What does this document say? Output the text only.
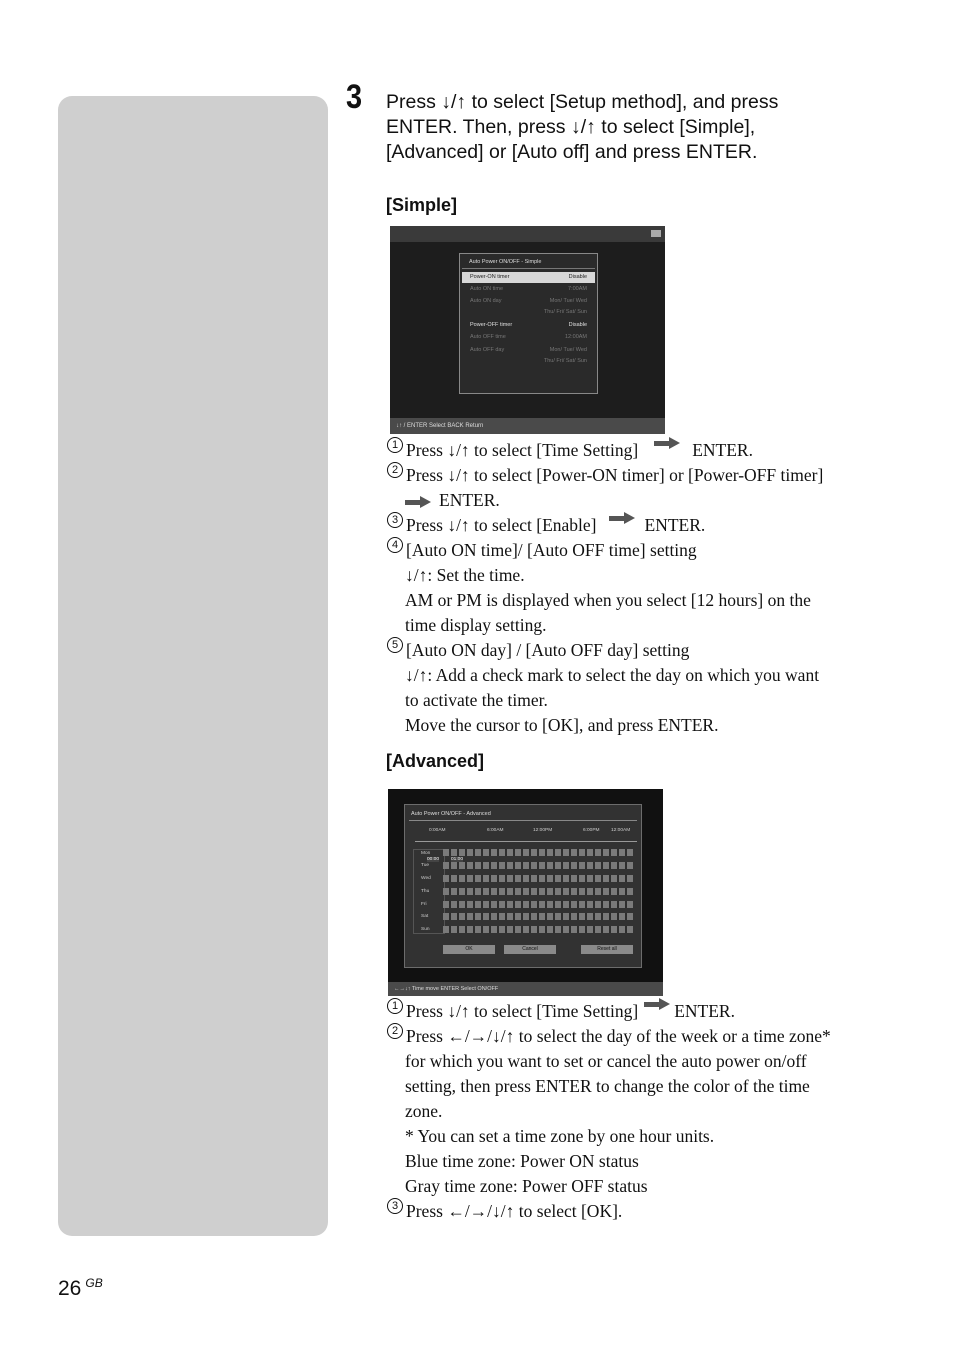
3 Press ↓/↑ to select [Setup method], and press
ENTER. Then, press ↓/↑ to select [Simple],
[Advanced] or [Auto off] and press ENTER.
[Simple]
Auto Power ON/OFF - Simple
Power-ON timer	Disable
Auto ON time	7:00AM
Auto ON day	Mon/ Tue/ Wed
Thu/ Fri/ Sat/ Sun
Power-OFF timer	Disable
Auto OFF time	12:00AM
Auto OFF day	Mon/ Tue/ Wed
Thu/ Fri/ Sat/ Sun
↓↑ / ENTER Select BACK Return
1 Press ↓/↑ to select [Time Setting]	ENTER.
2 Press ↓/↑ to select [Power-ON timer] or [Power-OFF timer]
ENTER.
3 Press ↓/↑ to select [Enable]	ENTER.
4 [Auto ON time]/ [Auto OFF time] setting
↓/↑: Set the time.
AM or PM is displayed when you select [12 hours] on the
time display setting.
5 [Auto ON day] / [Auto OFF day] setting
↓/↑: Add a check mark to select the day on which you want
to activate the timer.
Move the cursor to [OK], and press ENTER.
[Advanced]
Auto Power ON/OFF - Advanced
0:00AM	6:00AM	12:00PM	6:00PM 12:00AM
Mon
Tue
Wed
Thu
Fri
Sat
Sun
00:00 01:00
OK	Cancel	Reset all
←→↓↑ Time move ENTER Select ON/OFF
1 Press ↓/↑ to select [Time Setting] ENTER.
2 Press ←/→/↓/↑ to select the day of the week or a time zone*
for which you want to set or cancel the auto power on/off
setting, then press ENTER to change the color of the time
zone.
* You can set a time zone by one hour units.
Blue time zone: Power ON status
Gray time zone: Power OFF status
3 Press ←/→/↓/↑ to select [OK].
26 $^{GB}$
